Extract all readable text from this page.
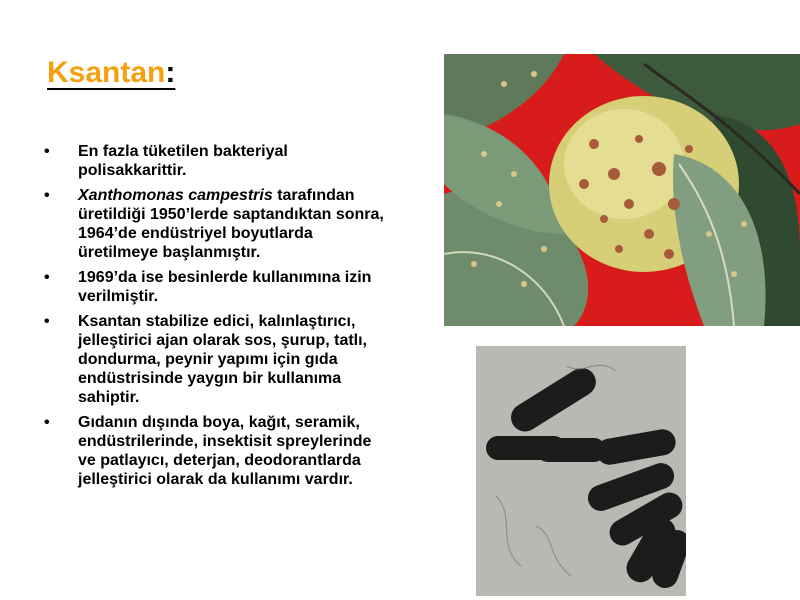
Ksantan:
• En fazla tüketilen bakteriyal polisakkarittir.
• Xanthomonas campestris tarafından üretildiği 1950’lerde saptandıktan sonra, 1964’de endüstriyel boyutlarda üretilmeye başlanmıştır.
• 1969’da ise besinlerde kullanımına izin verilmiştir.
• Ksantan stabilize edici, kalınlaştırıcı, jelleştirici ajan olarak sos, şurup, tatlı, dondurma, peynir yapımı için gıda endüstrisinde yaygın bir kullanıma sahiptir.
• Gıdanın dışında boya, kağıt, seramik, endüstrilerinde, insektisit spreylerinde ve patlayıcı, deterjan, deodorantlarda jelleştirici olarak da kullanımı vardır.
